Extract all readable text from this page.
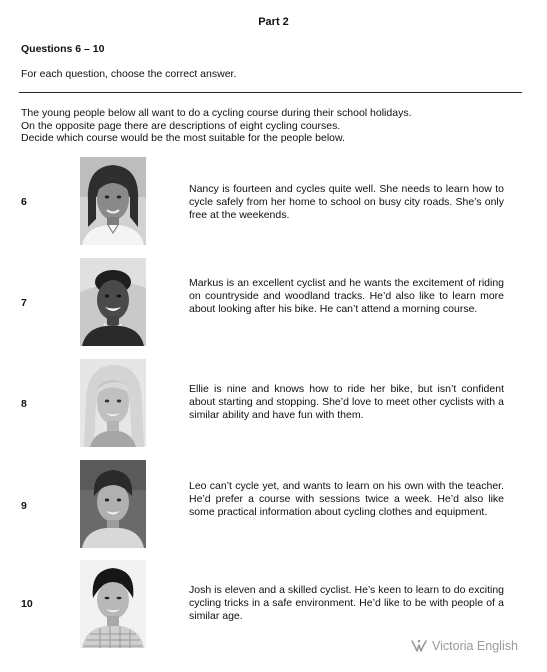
Part 2
Questions 6 – 10
For each question, choose the correct answer.
The young people below all want to do a cycling course during their school holidays.
On the opposite page there are descriptions of eight cycling courses.
Decide which course would be the most suitable for the people below.
6
Nancy is fourteen and cycles quite well. She needs to learn how to cycle safely from her home to school on busy city roads. She’s only free at the weekends.
7
Markus is an excellent cyclist and he wants the excitement of riding on countryside and woodland tracks. He’d also like to learn more about looking after his bike. He can’t attend a morning course.
8
Ellie is nine and knows how to ride her bike, but isn’t confident about starting and stopping. She’d love to meet other cyclists with a similar ability and have fun with them.
9
Leo can’t cycle yet, and wants to learn on his own with the teacher. He’d prefer a course with sessions twice a week. He’d also like some practical information about cycling clothes and equipment.
10
Josh is eleven and a skilled cyclist. He’s keen to learn to do exciting cycling tricks in a safe environment. He’d like to be with people of a similar age.
Victoria English
